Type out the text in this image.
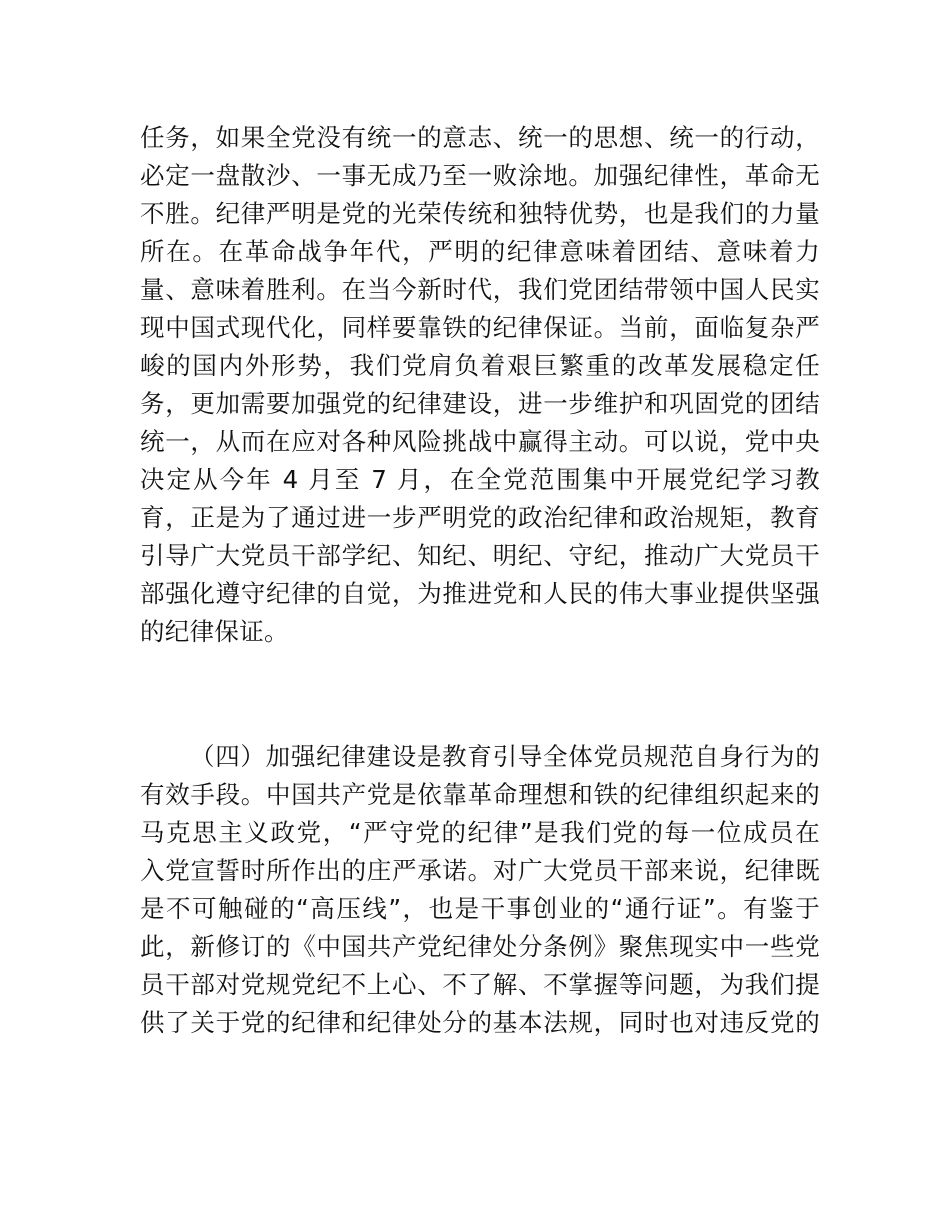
任务，如果全党没有统一的意志、统一的思想、统一的行动，
必定一盘散沙、一事无成乃至一败涂地。加强纪律性，革命无
不胜。纪律严明是党的光荣传统和独特优势，也是我们的力量
所在。在革命战争年代，严明的纪律意味着团结、意味着力
量、意味着胜利。在当今新时代，我们党团结带领中国人民实
现中国式现代化，同样要靠铁的纪律保证。当前，面临复杂严
峻的国内外形势，我们党肩负着艰巨繁重的改革发展稳定任
务，更加需要加强党的纪律建设，进一步维护和巩固党的团结
统一，从而在应对各种风险挑战中赢得主动。可以说，党中央
决定从今年 4 月至 7 月，在全党范围集中开展党纪学习教
育，正是为了通过进一步严明党的政治纪律和政治规矩，教育
引导广大党员干部学纪、知纪、明纪、守纪，推动广大党员干
部强化遵守纪律的自觉，为推进党和人民的伟大事业提供坚强
的纪律保证。
（四）加强纪律建设是教育引导全体党员规范自身行为的
有效手段。中国共产党是依靠革命理想和铁的纪律组织起来的
马克思主义政党，“严守党的纪律”是我们党的每一位成员在
入党宣誓时所作出的庄严承诺。对广大党员干部来说，纪律既
是不可触碰的“高压线”，也是干事创业的“通行证”。有鉴于
此，新修订的《中国共产党纪律处分条例》聚焦现实中一些党
员干部对党规党纪不上心、不了解、不掌握等问题，为我们提
供了关于党的纪律和纪律处分的基本法规，同时也对违反党的
